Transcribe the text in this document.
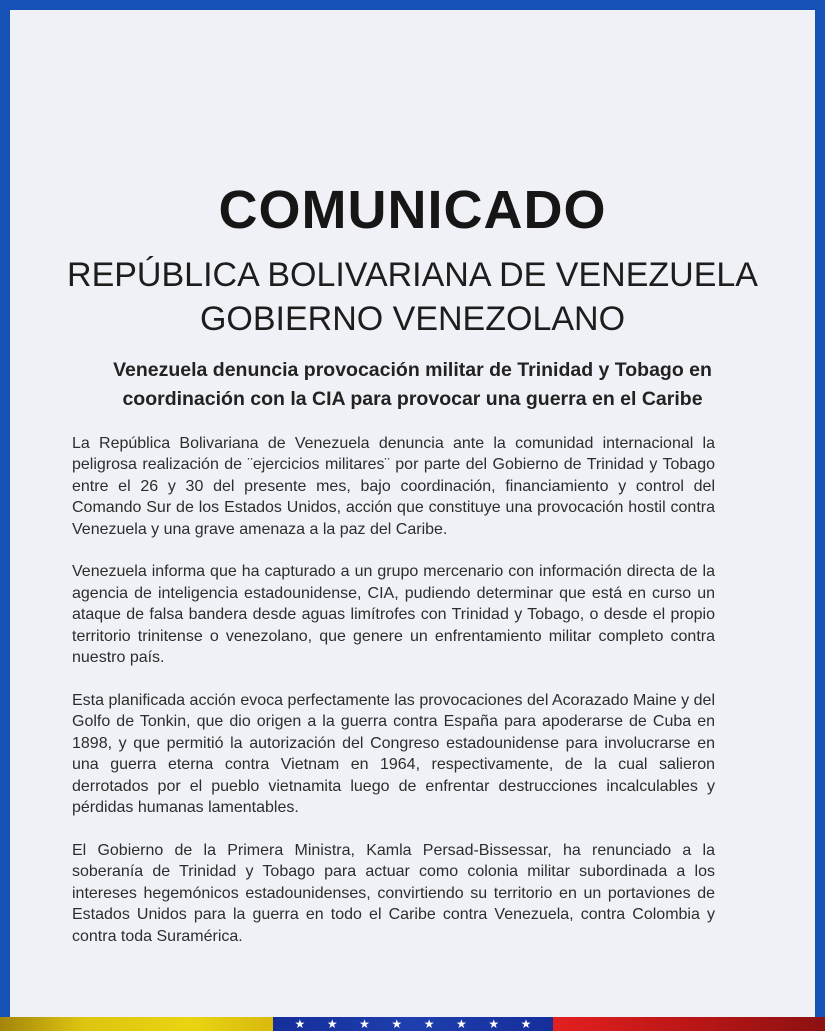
COMUNICADO
REPÚBLICA BOLIVARIANA DE VENEZUELA
GOBIERNO VENEZOLANO
Venezuela denuncia provocación militar de Trinidad y Tobago en coordinación con la CIA para provocar una guerra en el Caribe

La República Bolivariana de Venezuela denuncia ante la comunidad internacional la peligrosa realización de ¨ejercicios militares¨ por parte del Gobierno de Trinidad y Tobago entre el 26 y 30 del presente mes, bajo coordinación, financiamiento y control del Comando Sur de los Estados Unidos, acción que constituye una provocación hostil contra Venezuela y una grave amenaza a la paz del Caribe.

Venezuela informa que ha capturado a un grupo mercenario con información directa de la agencia de inteligencia estadounidense, CIA, pudiendo determinar que está en curso un ataque de falsa bandera desde aguas limítrofes con Trinidad y Tobago, o desde el propio territorio trinitense o venezolano, que genere un enfrentamiento militar completo contra nuestro país.

Esta planificada acción evoca perfectamente las provocaciones del Acorazado Maine y del Golfo de Tonkin, que dio origen a la guerra contra España para apoderarse de Cuba en 1898, y que permitió la autorización del Congreso estadounidense para involucrarse en una guerra eterna contra Vietnam en 1964, respectivamente, de la cual salieron derrotados por el pueblo vietnamita luego de enfrentar destrucciones incalculables y pérdidas humanas lamentables.

El Gobierno de la Primera Ministra, Kamla Persad-Bissessar, ha renunciado a la soberanía de Trinidad y Tobago para actuar como colonia militar subordinada a los intereses hegemónicos estadounidenses, convirtiendo su territorio en un portaviones de Estados Unidos para la guerra en todo el Caribe contra Venezuela, contra Colombia y contra toda Suramérica.

★ ★ ★ ★ ★ ★ ★ ★
